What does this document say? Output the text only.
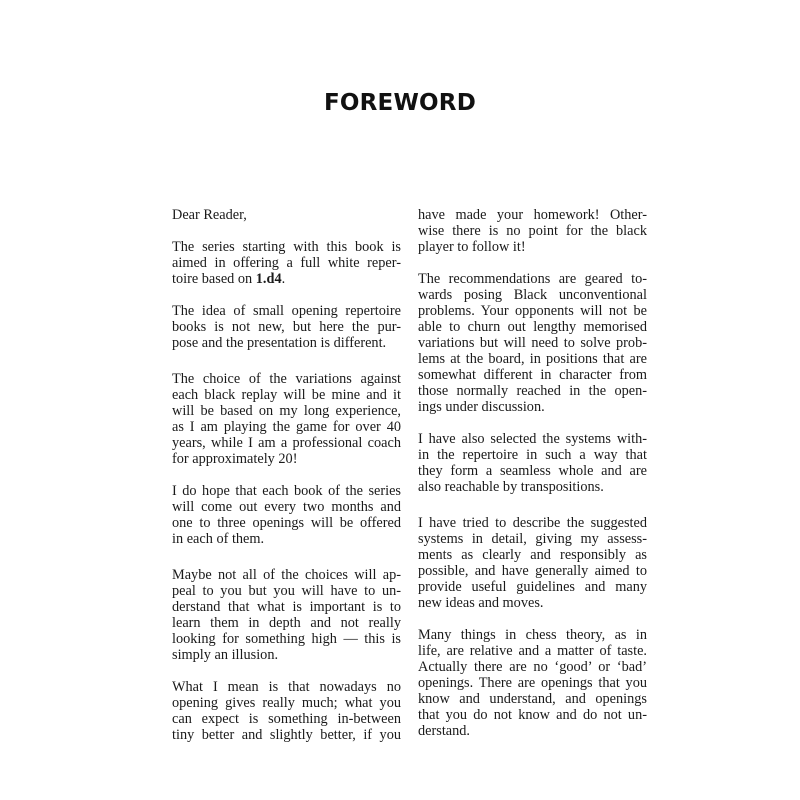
FOREWORD

Dear Reader,

The series starting with this book is
aimed in offering a full white reper-
toire based on 1.d4.

The idea of small opening repertoire
books is not new, but here the pur-
pose and the presentation is different.

The choice of the variations against
each black replay will be mine and it
will be based on my long experience,
as I am playing the game for over 40
years, while I am a professional coach
for approximately 20!

I do hope that each book of the series
will come out every two months and
one to three openings will be offered
in each of them.

Maybe not all of the choices will ap-
peal to you but you will have to un-
derstand that what is important is to
learn them in depth and not really
looking for something high — this is
simply an illusion.

What I mean is that nowadays no
opening gives really much; what you
can expect is something in-between
tiny better and slightly better, if you

have made your homework! Other-
wise there is no point for the black
player to follow it!

The recommendations are geared to-
wards posing Black unconventional
problems. Your opponents will not be
able to churn out lengthy memorised
variations but will need to solve prob-
lems at the board, in positions that are
somewhat different in character from
those normally reached in the open-
ings under discussion.

I have also selected the systems with-
in the repertoire in such a way that
they form a seamless whole and are
also reachable by transpositions.

I have tried to describe the suggested
systems in detail, giving my assess-
ments as clearly and responsibly as
possible, and have generally aimed to
provide useful guidelines and many
new ideas and moves.

Many things in chess theory, as in
life, are relative and a matter of taste.
Actually there are no ‘good’ or ‘bad’
openings. There are openings that you
know and understand, and openings
that you do not know and do not un-
derstand.
